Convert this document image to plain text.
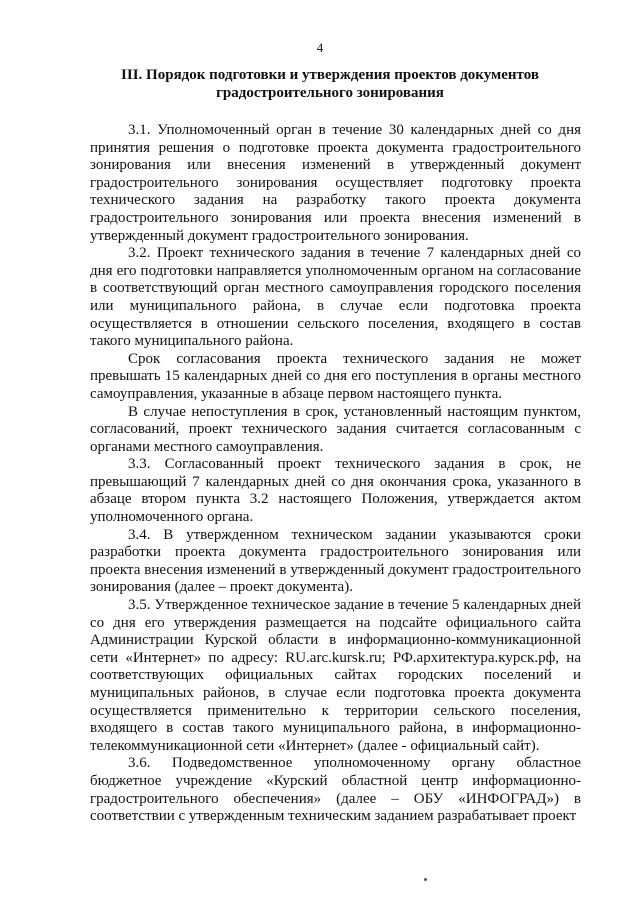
4
III. Порядок подготовки и утверждения проектов документов
градостроительного зонирования

3.1. Уполномоченный орган в течение 30 календарных дней со дня принятия решения о подготовке проекта документа градостроительного зонирования или внесения изменений в утвержденный документ градостроительного зонирования осуществляет подготовку проекта технического задания на разработку такого проекта документа градостроительного зонирования или проекта внесения изменений в утвержденный документ градостроительного зонирования.

3.2. Проект технического задания в течение 7 календарных дней со дня его подготовки направляется уполномоченным органом на согласование в соответствующий орган местного самоуправления городского поселения или муниципального района, в случае если подготовка проекта осуществляется в отношении сельского поселения, входящего в состав такого муниципального района.

Срок согласования проекта технического задания не может превышать 15 календарных дней со дня его поступления в органы местного самоуправления, указанные в абзаце первом настоящего пункта.

В случае непоступления в срок, установленный настоящим пунктом, согласований, проект технического задания считается согласованным с органами местного самоуправления.

3.3. Согласованный проект технического задания в срок, не превышающий 7 календарных дней со дня окончания срока, указанного в абзаце втором пункта 3.2 настоящего Положения, утверждается актом уполномоченного органа.

3.4. В утвержденном техническом задании указываются сроки разработки проекта документа градостроительного зонирования или проекта внесения изменений в утвержденный документ градостроительного зонирования (далее – проект документа).

3.5. Утвержденное техническое задание в течение 5 календарных дней со дня его утверждения размещается на подсайте официального сайта Администрации Курской области в информационно-коммуникационной сети «Интернет» по адресу: RU.arc.kursk.ru; РФ.архитектура.курск.рф, на соответствующих официальных сайтах городских поселений и муниципальных районов, в случае если подготовка проекта документа осуществляется применительно к территории сельского поселения, входящего в состав такого муниципального района, в информационно-телекоммуникационной сети «Интернет» (далее - официальный сайт).

3.6. Подведомственное уполномоченному органу областное бюджетное учреждение «Курский областной центр информационно-градостроительного обеспечения» (далее – ОБУ «ИНФОГРАД») в соответствии с утвержденным техническим заданием разрабатывает проект
